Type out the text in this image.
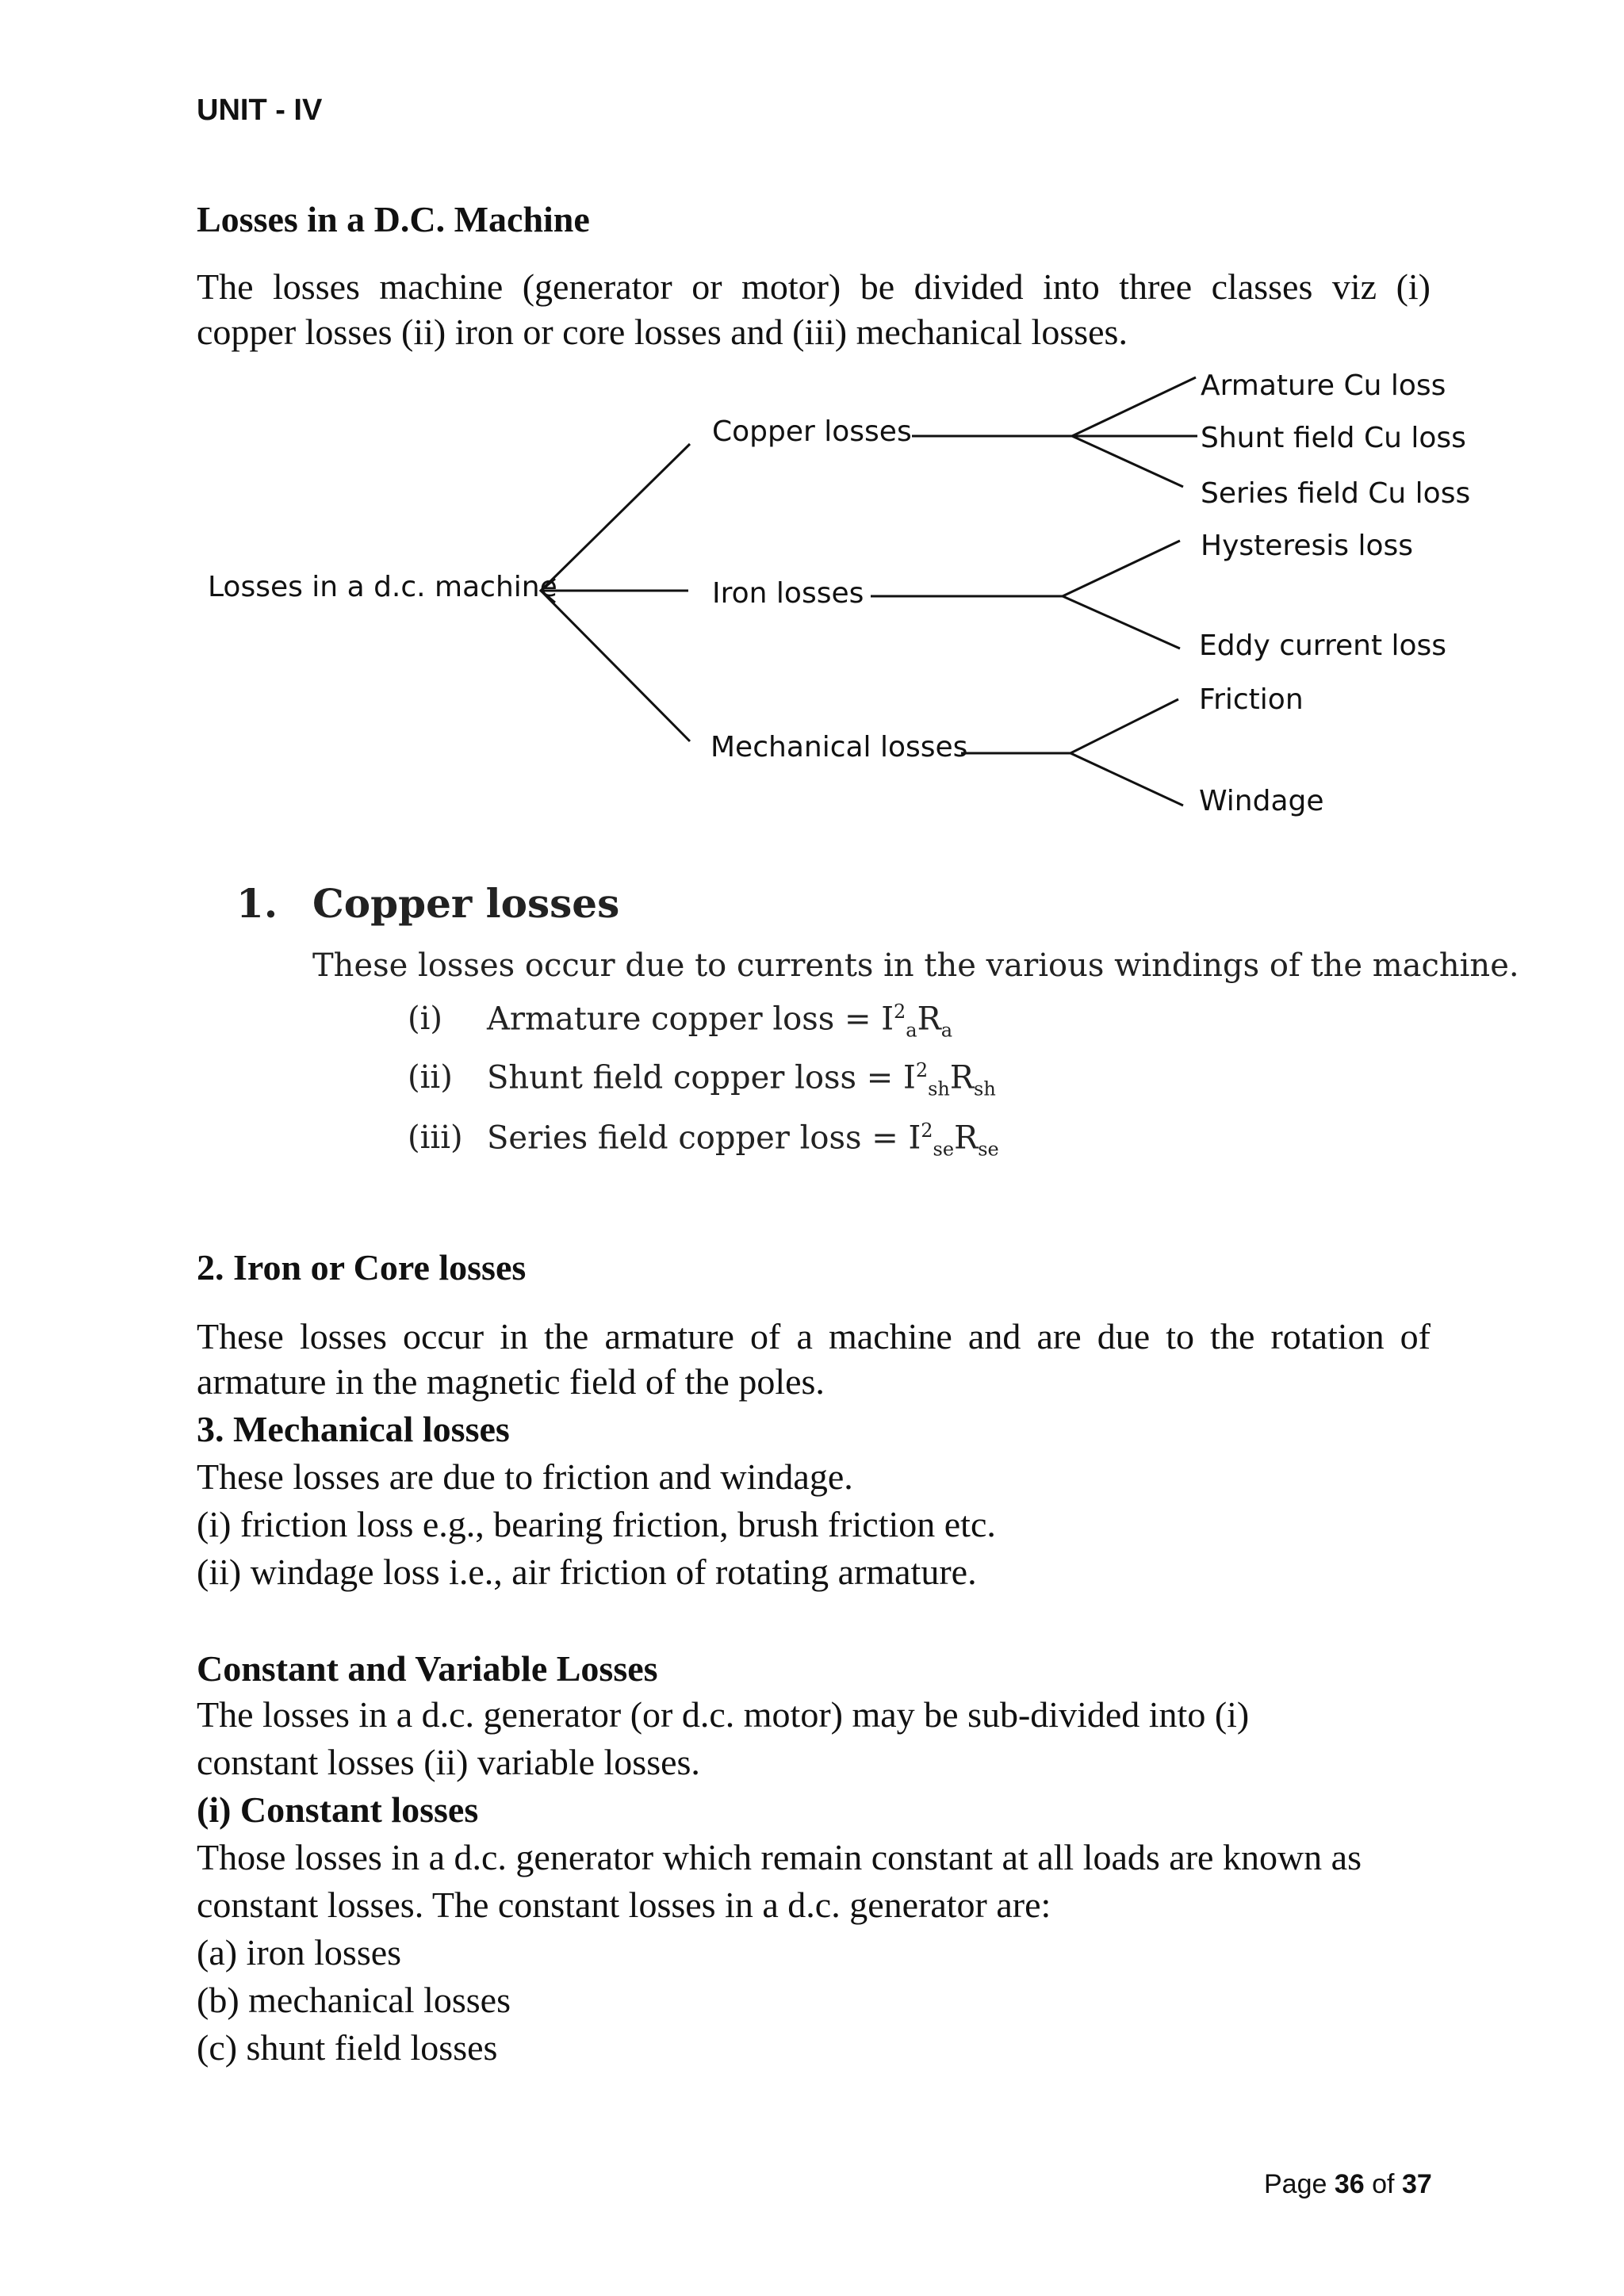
UNIT - IV
Losses in a D.C. Machine
The losses machine (generator or motor) be divided into three classes viz (i)
copper losses (ii) iron or core losses and (iii) mechanical losses.
Losses in a d.c. machine
Copper losses
Iron losses
Mechanical losses
Armature Cu loss
Shunt field Cu loss
Series field Cu loss
Hysteresis loss
Eddy current loss
Friction
Windage
1. Copper losses
These losses occur due to currents in the various windings of the machine.
(i) Armature copper loss = $I^2_aR_a$
(ii) Shunt field copper loss = $I^2_{sh}R_{sh}$
(iii) Series field copper loss = $I^2_{se}R_{se}$
2. Iron or Core losses
These losses occur in the armature of a machine and are due to the rotation of
armature in the magnetic field of the poles.
3. Mechanical losses
These losses are due to friction and windage.
(i) friction loss e.g., bearing friction, brush friction etc.
(ii) windage loss i.e., air friction of rotating armature.
Constant and Variable Losses
The losses in a d.c. generator (or d.c. motor) may be sub-divided into (i)
constant losses (ii) variable losses.
(i) Constant losses
Those losses in a d.c. generator which remain constant at all loads are known as
constant losses. The constant losses in a d.c. generator are:
(a) iron losses
(b) mechanical losses
(c) shunt field losses
Page 36 of 37
